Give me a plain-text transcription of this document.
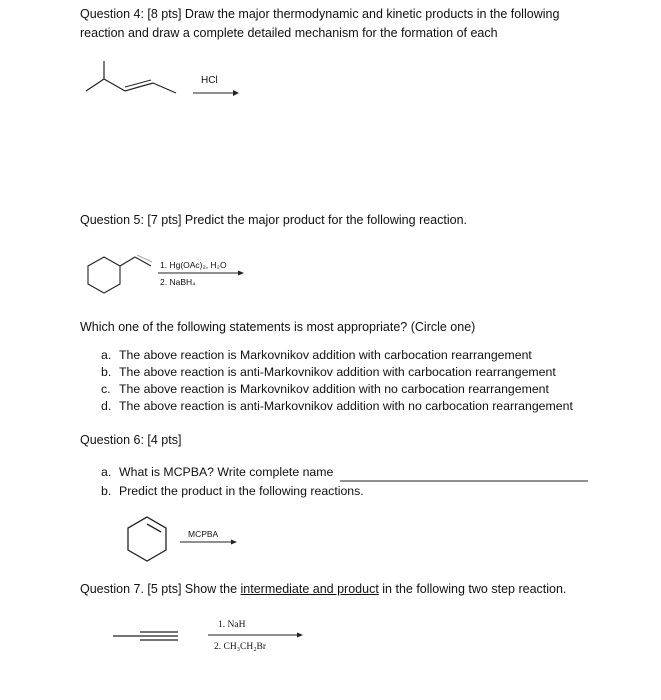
Question 4: [8 pts] Draw the major thermodynamic and kinetic products in the following
reaction and draw a complete detailed mechanism for the formation of each
HCl
Question 5: [7 pts] Predict the major product for the following reaction.
1. Hg(OAc)₂, H₂O
2. NaBH₄
Which one of the following statements is most appropriate? (Circle one)
a. The above reaction is Markovnikov addition with carbocation rearrangement
b. The above reaction is anti-Markovnikov addition with carbocation rearrangement
c. The above reaction is Markovnikov addition with no carbocation rearrangement
d. The above reaction is anti-Markovnikov addition with no carbocation rearrangement
Question 6: [4 pts]
a. What is MCPBA? Write complete name
b. Predict the product in the following reactions.
MCPBA
Question 7. [5 pts] Show the intermediate and product in the following two step reaction.
1. NaH
2. CH₃CH₂Br
